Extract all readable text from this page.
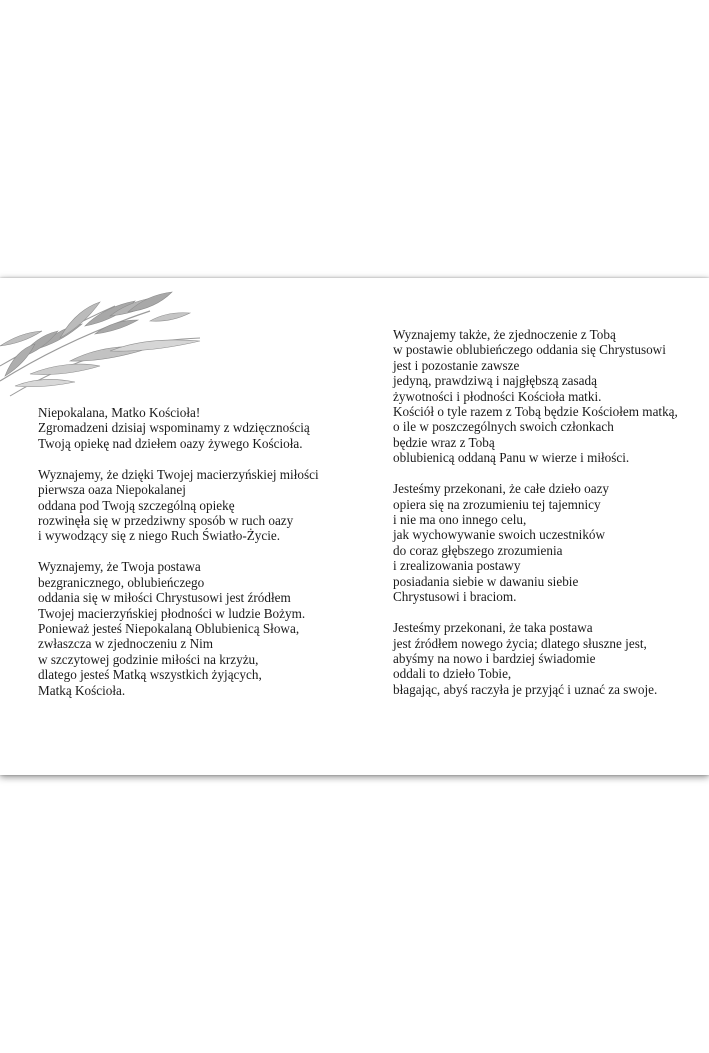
Niepokalana, Matko Kościoła!
Zgromadzeni dzisiaj wspominamy z wdzięcznością
Twoją opiekę nad dziełem oazy żywego Kościoła.
Wyznajemy, że dzięki Twojej macierzyńskiej miłości
pierwsza oaza Niepokalanej
oddana pod Twoją szczególną opiekę
rozwinęła się w przedziwny sposób w ruch oazy
i wywodzący się z niego Ruch Światło-Życie.
Wyznajemy, że Twoja postawa
bezgranicznego, oblubieńczego
oddania się w miłości Chrystusowi jest źródłem
Twojej macierzyńskiej płodności w ludzie Bożym.
Ponieważ jesteś Niepokalaną Oblubienicą Słowa,
zwłaszcza w zjednoczeniu z Nim
w szczytowej godzinie miłości na krzyżu,
dlatego jesteś Matką wszystkich żyjących,
Matką Kościoła.
Wyznajemy także, że zjednoczenie z Tobą
w postawie oblubieńczego oddania się Chrystusowi
jest i pozostanie zawsze
jedyną, prawdziwą i najgłębszą zasadą
żywotności i płodności Kościoła matki.
Kościół o tyle razem z Tobą będzie Kościołem matką,
o ile w poszczególnych swoich członkach
będzie wraz z Tobą
oblubienicą oddaną Panu w wierze i miłości.
Jesteśmy przekonani, że całe dzieło oazy
opiera się na zrozumieniu tej tajemnicy
i nie ma ono innego celu,
jak wychowywanie swoich uczestników
do coraz głębszego zrozumienia
i zrealizowania postawy
posiadania siebie w dawaniu siebie
Chrystusowi i braciom.
Jesteśmy przekonani, że taka postawa
jest źródłem nowego życia; dlatego słuszne jest,
abyśmy na nowo i bardziej świadomie
oddali to dzieło Tobie,
błagając, abyś raczyła je przyjąć i uznać za swoje.
